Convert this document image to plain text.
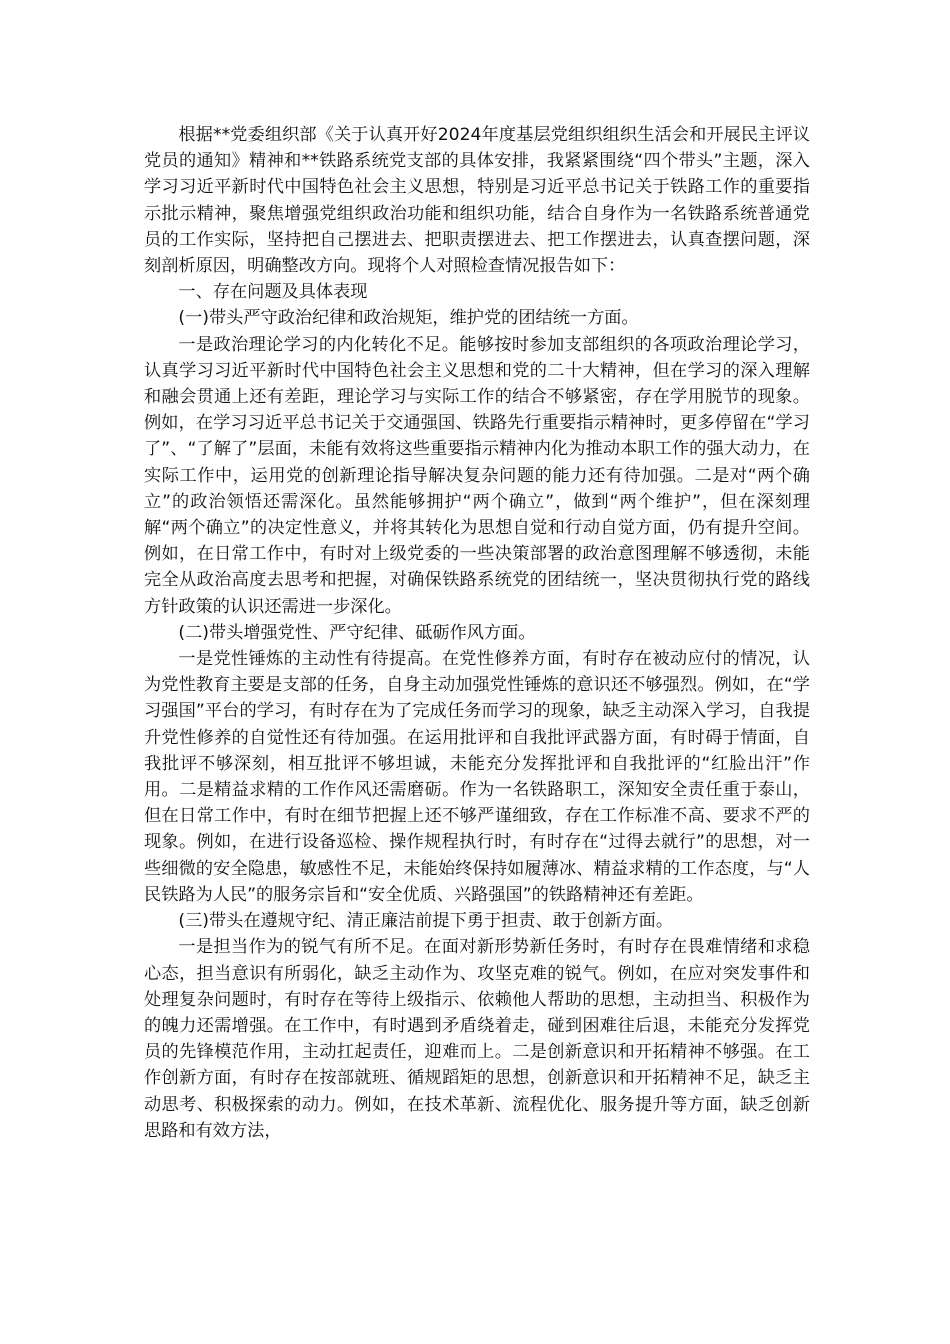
根据**党委组织部《关于认真开好2024年度基层党组织组织生活会和开展民主评议党员的通知》精神和**铁路系统党支部的具体安排，我紧紧围绕“四个带头”主题，深入学习习近平新时代中国特色社会主义思想，特别是习近平总书记关于铁路工作的重要指示批示精神，聚焦增强党组织政治功能和组织功能，结合自身作为一名铁路系统普通党员的工作实际，坚持把自己摆进去、把职责摆进去、把工作摆进去，认真查摆问题，深刻剖析原因，明确整改方向。现将个人对照检查情况报告如下：

一、存在问题及具体表现

(一)带头严守政治纪律和政治规矩，维护党的团结统一方面。

一是政治理论学习的内化转化不足。能够按时参加支部组织的各项政治理论学习，认真学习习近平新时代中国特色社会主义思想和党的二十大精神，但在学习的深入理解和融会贯通上还有差距，理论学习与实际工作的结合不够紧密，存在学用脱节的现象。例如，在学习习近平总书记关于交通强国、铁路先行重要指示精神时，更多停留在“学习了”、“了解了”层面，未能有效将这些重要指示精神内化为推动本职工作的强大动力，在实际工作中，运用党的创新理论指导解决复杂问题的能力还有待加强。二是对“两个确立”的政治领悟还需深化。虽然能够拥护“两个确立”，做到“两个维护”，但在深刻理解“两个确立”的决定性意义，并将其转化为思想自觉和行动自觉方面，仍有提升空间。例如，在日常工作中，有时对上级党委的一些决策部署的政治意图理解不够透彻，未能完全从政治高度去思考和把握，对确保铁路系统党的团结统一，坚决贯彻执行党的路线方针政策的认识还需进一步深化。

(二)带头增强党性、严守纪律、砥砺作风方面。

一是党性锤炼的主动性有待提高。在党性修养方面，有时存在被动应付的情况，认为党性教育主要是支部的任务，自身主动加强党性锤炼的意识还不够强烈。例如，在“学习强国”平台的学习，有时存在为了完成任务而学习的现象，缺乏主动深入学习，自我提升党性修养的自觉性还有待加强。在运用批评和自我批评武器方面，有时碍于情面，自我批评不够深刻，相互批评不够坦诚，未能充分发挥批评和自我批评的“红脸出汗”作用。二是精益求精的工作作风还需磨砺。作为一名铁路职工，深知安全责任重于泰山，但在日常工作中，有时在细节把握上还不够严谨细致，存在工作标准不高、要求不严的现象。例如，在进行设备巡检、操作规程执行时，有时存在“过得去就行”的思想，对一些细微的安全隐患，敏感性不足，未能始终保持如履薄冰、精益求精的工作态度，与“人民铁路为人民”的服务宗旨和“安全优质、兴路强国”的铁路精神还有差距。

(三)带头在遵规守纪、清正廉洁前提下勇于担责、敢于创新方面。

一是担当作为的锐气有所不足。在面对新形势新任务时，有时存在畏难情绪和求稳心态，担当意识有所弱化，缺乏主动作为、攻坚克难的锐气。例如，在应对突发事件和处理复杂问题时，有时存在等待上级指示、依赖他人帮助的思想，主动担当、积极作为的魄力还需增强。在工作中，有时遇到矛盾绕着走，碰到困难往后退，未能充分发挥党员的先锋模范作用，主动扛起责任，迎难而上。二是创新意识和开拓精神不够强。在工作创新方面，有时存在按部就班、循规蹈矩的思想，创新意识和开拓精神不足，缺乏主动思考、积极探索的动力。例如，在技术革新、流程优化、服务提升等方面，缺乏创新思路和有效方法，
